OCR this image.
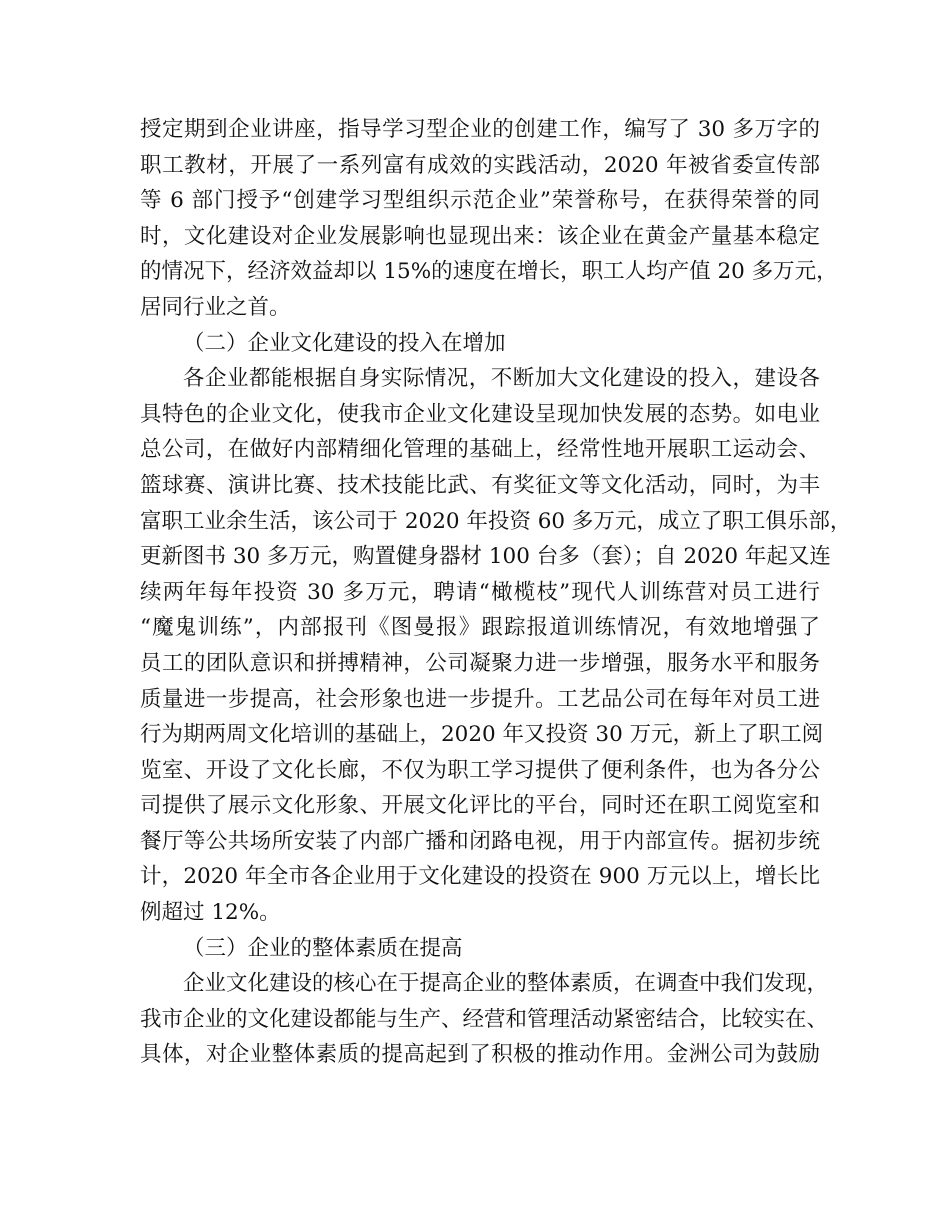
授定期到企业讲座，指导学习型企业的创建工作，编写了 30 多万字的
职工教材，开展了一系列富有成效的实践活动，2020 年被省委宣传部
等 6 部门授予“创建学习型组织示范企业”荣誉称号，在获得荣誉的同
时，文化建设对企业发展影响也显现出来：该企业在黄金产量基本稳定
的情况下，经济效益却以 15%的速度在增长，职工人均产值 20 多万元，
居同行业之首。
（二）企业文化建设的投入在增加
各企业都能根据自身实际情况，不断加大文化建设的投入，建设各
具特色的企业文化，使我市企业文化建设呈现加快发展的态势。如电业
总公司，在做好内部精细化管理的基础上，经常性地开展职工运动会、
篮球赛、演讲比赛、技术技能比武、有奖征文等文化活动，同时，为丰
富职工业余生活，该公司于 2020 年投资 60 多万元，成立了职工俱乐部，
更新图书 30 多万元，购置健身器材 100 台多（套）；自 2020 年起又连
续两年每年投资 30 多万元，聘请“橄榄枝”现代人训练营对员工进行
“魔鬼训练”，内部报刊《图曼报》跟踪报道训练情况，有效地增强了
员工的团队意识和拼搏精神，公司凝聚力进一步增强，服务水平和服务
质量进一步提高，社会形象也进一步提升。工艺品公司在每年对员工进
行为期两周文化培训的基础上，2020 年又投资 30 万元，新上了职工阅
览室、开设了文化长廊，不仅为职工学习提供了便利条件，也为各分公
司提供了展示文化形象、开展文化评比的平台，同时还在职工阅览室和
餐厅等公共场所安装了内部广播和闭路电视，用于内部宣传。据初步统
计，2020 年全市各企业用于文化建设的投资在 900 万元以上，增长比
例超过 12%。
（三）企业的整体素质在提高
企业文化建设的核心在于提高企业的整体素质，在调查中我们发现，
我市企业的文化建设都能与生产、经营和管理活动紧密结合，比较实在、
具体，对企业整体素质的提高起到了积极的推动作用。金洲公司为鼓励
